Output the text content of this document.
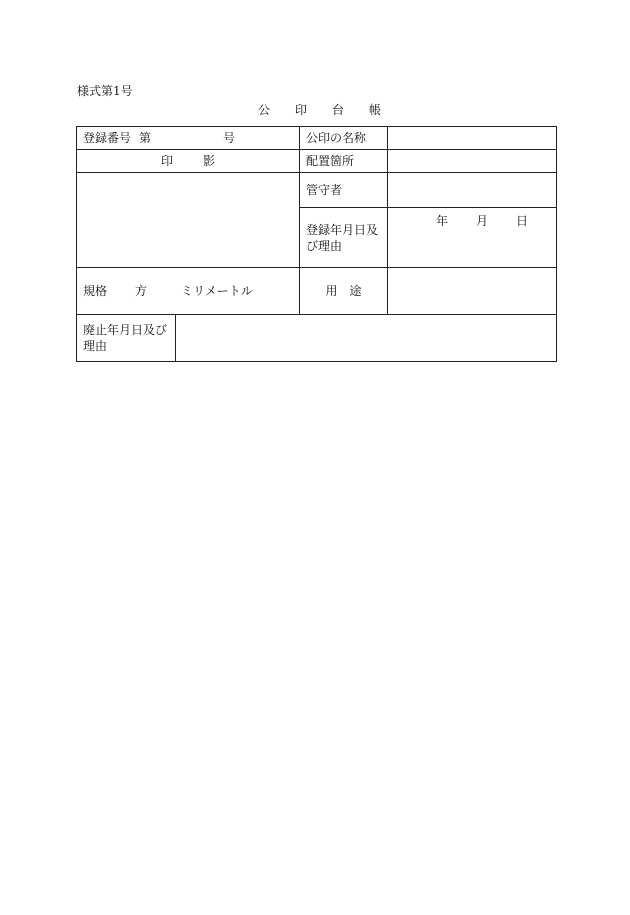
様式第1号
公 印 台 帳
登録番号 第 号		公印の名称	
印 影		配置箇所	
		管守者	
		登録年月日及び理由	年 月 日
規格 方 ミリメートル		用 途	
廃止年月日及び理由			
